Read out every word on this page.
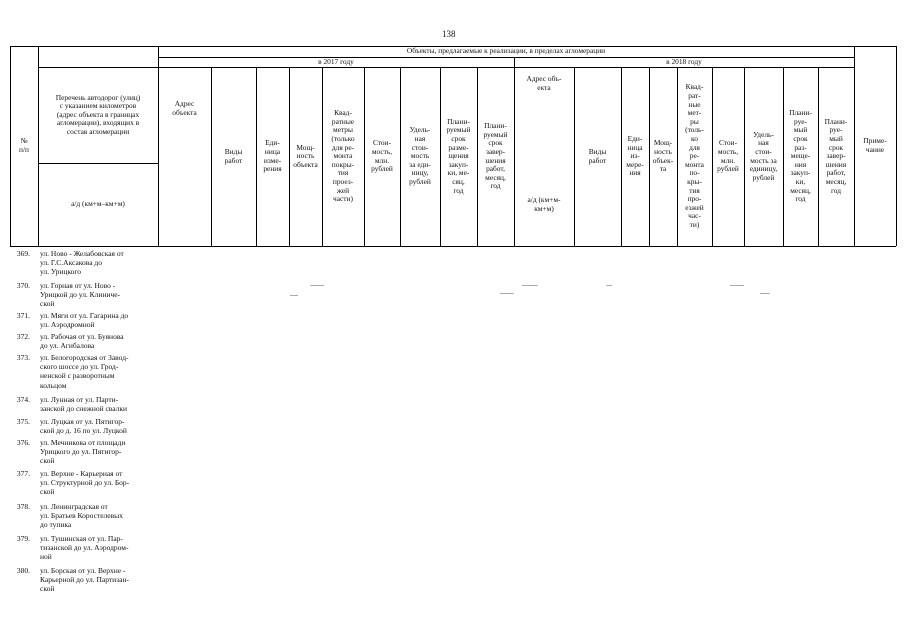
138
Объекты, предлагаемые к реализации, в пределах агломерации
в 2017 году	в 2018 году
№
п/п
Перечень автодорог (улиц)
с указанием километров
(адрес объекта в границах
агломерации), входящих в
состав агломерации
а/д (км+м–км+м)
Адрес
объекта
Виды
работ
Еди-
ница
изме-
рения
Мощ-
ность
объекта
Квад-
ратные
метры
(только
для ре-
монта
покры-
тия
проез-
жей
части)
Стои-
мость,
млн.
рублей
Удель-
ная
стои-
мость
за еди-
ницу,
рублей
Плани-
руемый
срок
разме-
щения
закуп-
ки, ме-
сяц,
год
Плани-
руемый
срок
завер-
шения
работ,
месяц,
год
Адрес объ-
екта
а/д (км+м-
км+м)
Виды
работ
Еди-
ница
из-
мере-
ния
Мощ-
ность
объек-
та
Квад-
рат-
ные
мет-
ры
(толь-
ко
для
ре-
монта
по-
кры-
тия
про-
езжей
час-
ти)
Стои-
мость,
млн.
рублей
Удель-
ная
стои-
мость за
единицу,
рублей
Плани-
руе-
мый
срок
раз-
меще-
ния
закуп-
ки,
месяц,
год
Плани-
руе-
мый
срок
завер-
шения
работ,
месяц,
год
Приме-
чание
369. ул. Ново - Желабовская от
ул. Г.С.Аксакова до
ул. Урицкого
370. ул. Горная от ул. Ново -
Урицкой до ул. Клиниче-
ской
371. ул. Мяги от ул. Гагарина до
ул. Аэродромной
372. ул. Рабочая от ул. Буянова
до ул. Агибалова
373. ул. Белогородская от Завод-
ского шоссе до ул. Грод-
ненской с разворотным
кольцом
374. ул. Лунная от ул. Парти-
занской до снежной свалки
375. ул. Луцкая от ул. Пятигор-
ской до д. 16 по ул. Луцкой
376. ул. Мечникова от площади
Урицкого до ул. Пятигор-
ской
377. ул. Верхне - Карьерная от
ул. Структурной до ул. Бор-
ской
378. ул. Ленинградская от
ул. Братьев Коростелевых
до тупика
379. ул. Тушинская от ул. Пар-
тизанской до ул. Аэродром-
ной
380. ул. Борская от ул. Верхне -
Карьерной до ул. Партизан-
ской
